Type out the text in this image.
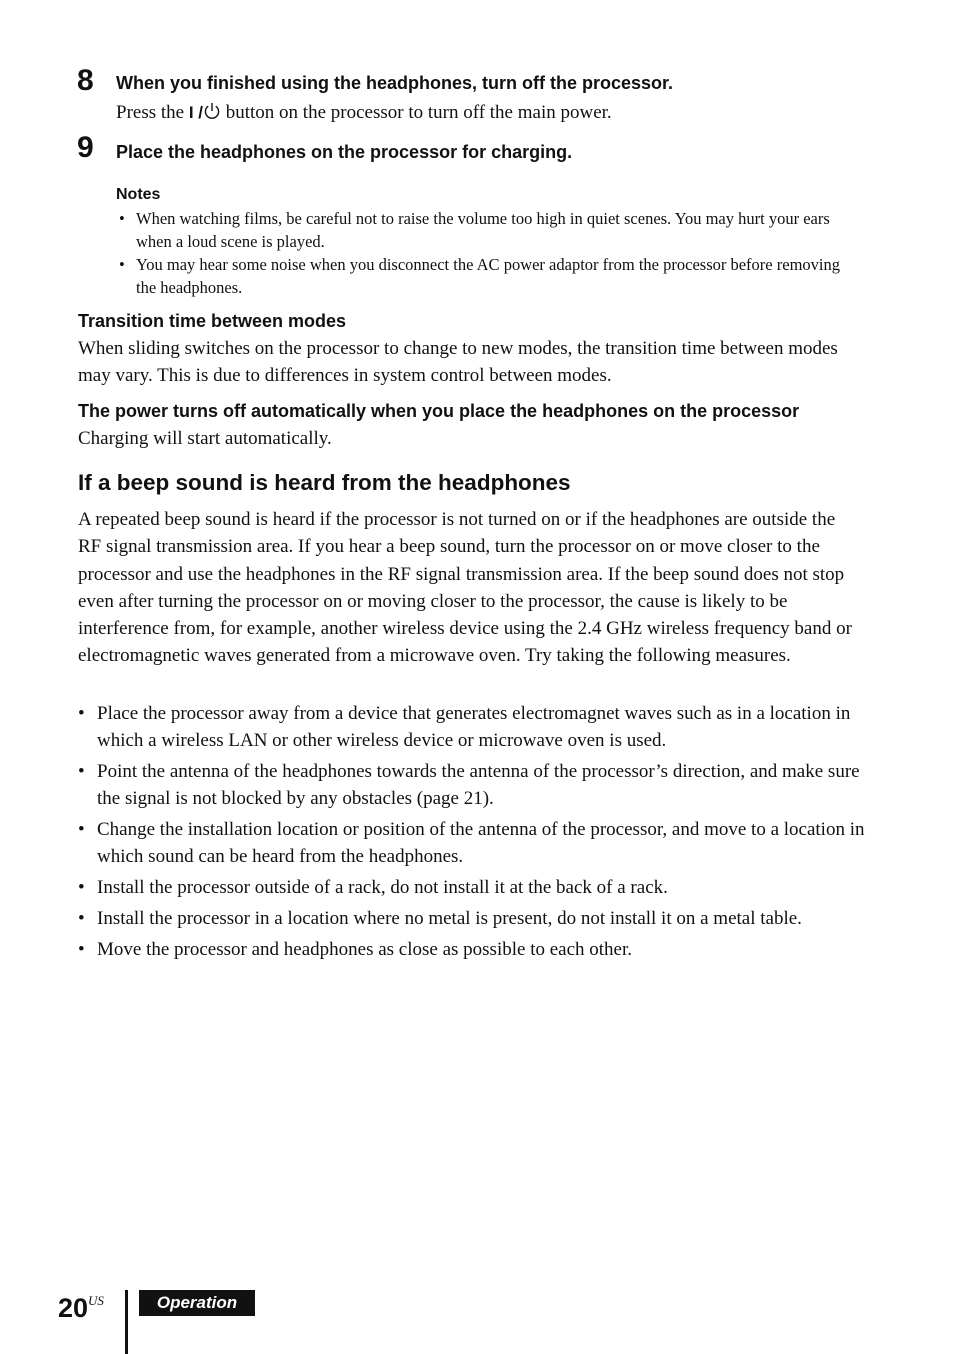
8 When you finished using the headphones, turn off the processor.
Press the I / button on the processor to turn off the main power.
9 Place the headphones on the processor for charging.
Notes
• When watching films, be careful not to raise the volume too high in quiet scenes. You may hurt your ears when a loud scene is played.
• You may hear some noise when you disconnect the AC power adaptor from the processor before removing the headphones.
Transition time between modes
When sliding switches on the processor to change to new modes, the transition time between modes may vary. This is due to differences in system control between modes.
The power turns off automatically when you place the headphones on the processor
Charging will start automatically.
If a beep sound is heard from the headphones
A repeated beep sound is heard if the processor is not turned on or if the headphones are outside the RF signal transmission area. If you hear a beep sound, turn the processor on or move closer to the processor and use the headphones in the RF signal transmission area. If the beep sound does not stop even after turning the processor on or moving closer to the processor, the cause is likely to be interference from, for example, another wireless device using the 2.4 GHz wireless frequency band or electromagnetic waves generated from a microwave oven. Try taking the following measures.
• Place the processor away from a device that generates electromagnet waves such as in a location in which a wireless LAN or other wireless device or microwave oven is used.
• Point the antenna of the headphones towards the antenna of the processor’s direction, and make sure the signal is not blocked by any obstacles (page 21).
• Change the installation location or position of the antenna of the processor, and move to a location in which sound can be heard from the headphones.
• Install the processor outside of a rack, do not install it at the back of a rack.
• Install the processor in a location where no metal is present, do not install it on a metal table.
• Move the processor and headphones as close as possible to each other.
$20^{US}$	Operation
